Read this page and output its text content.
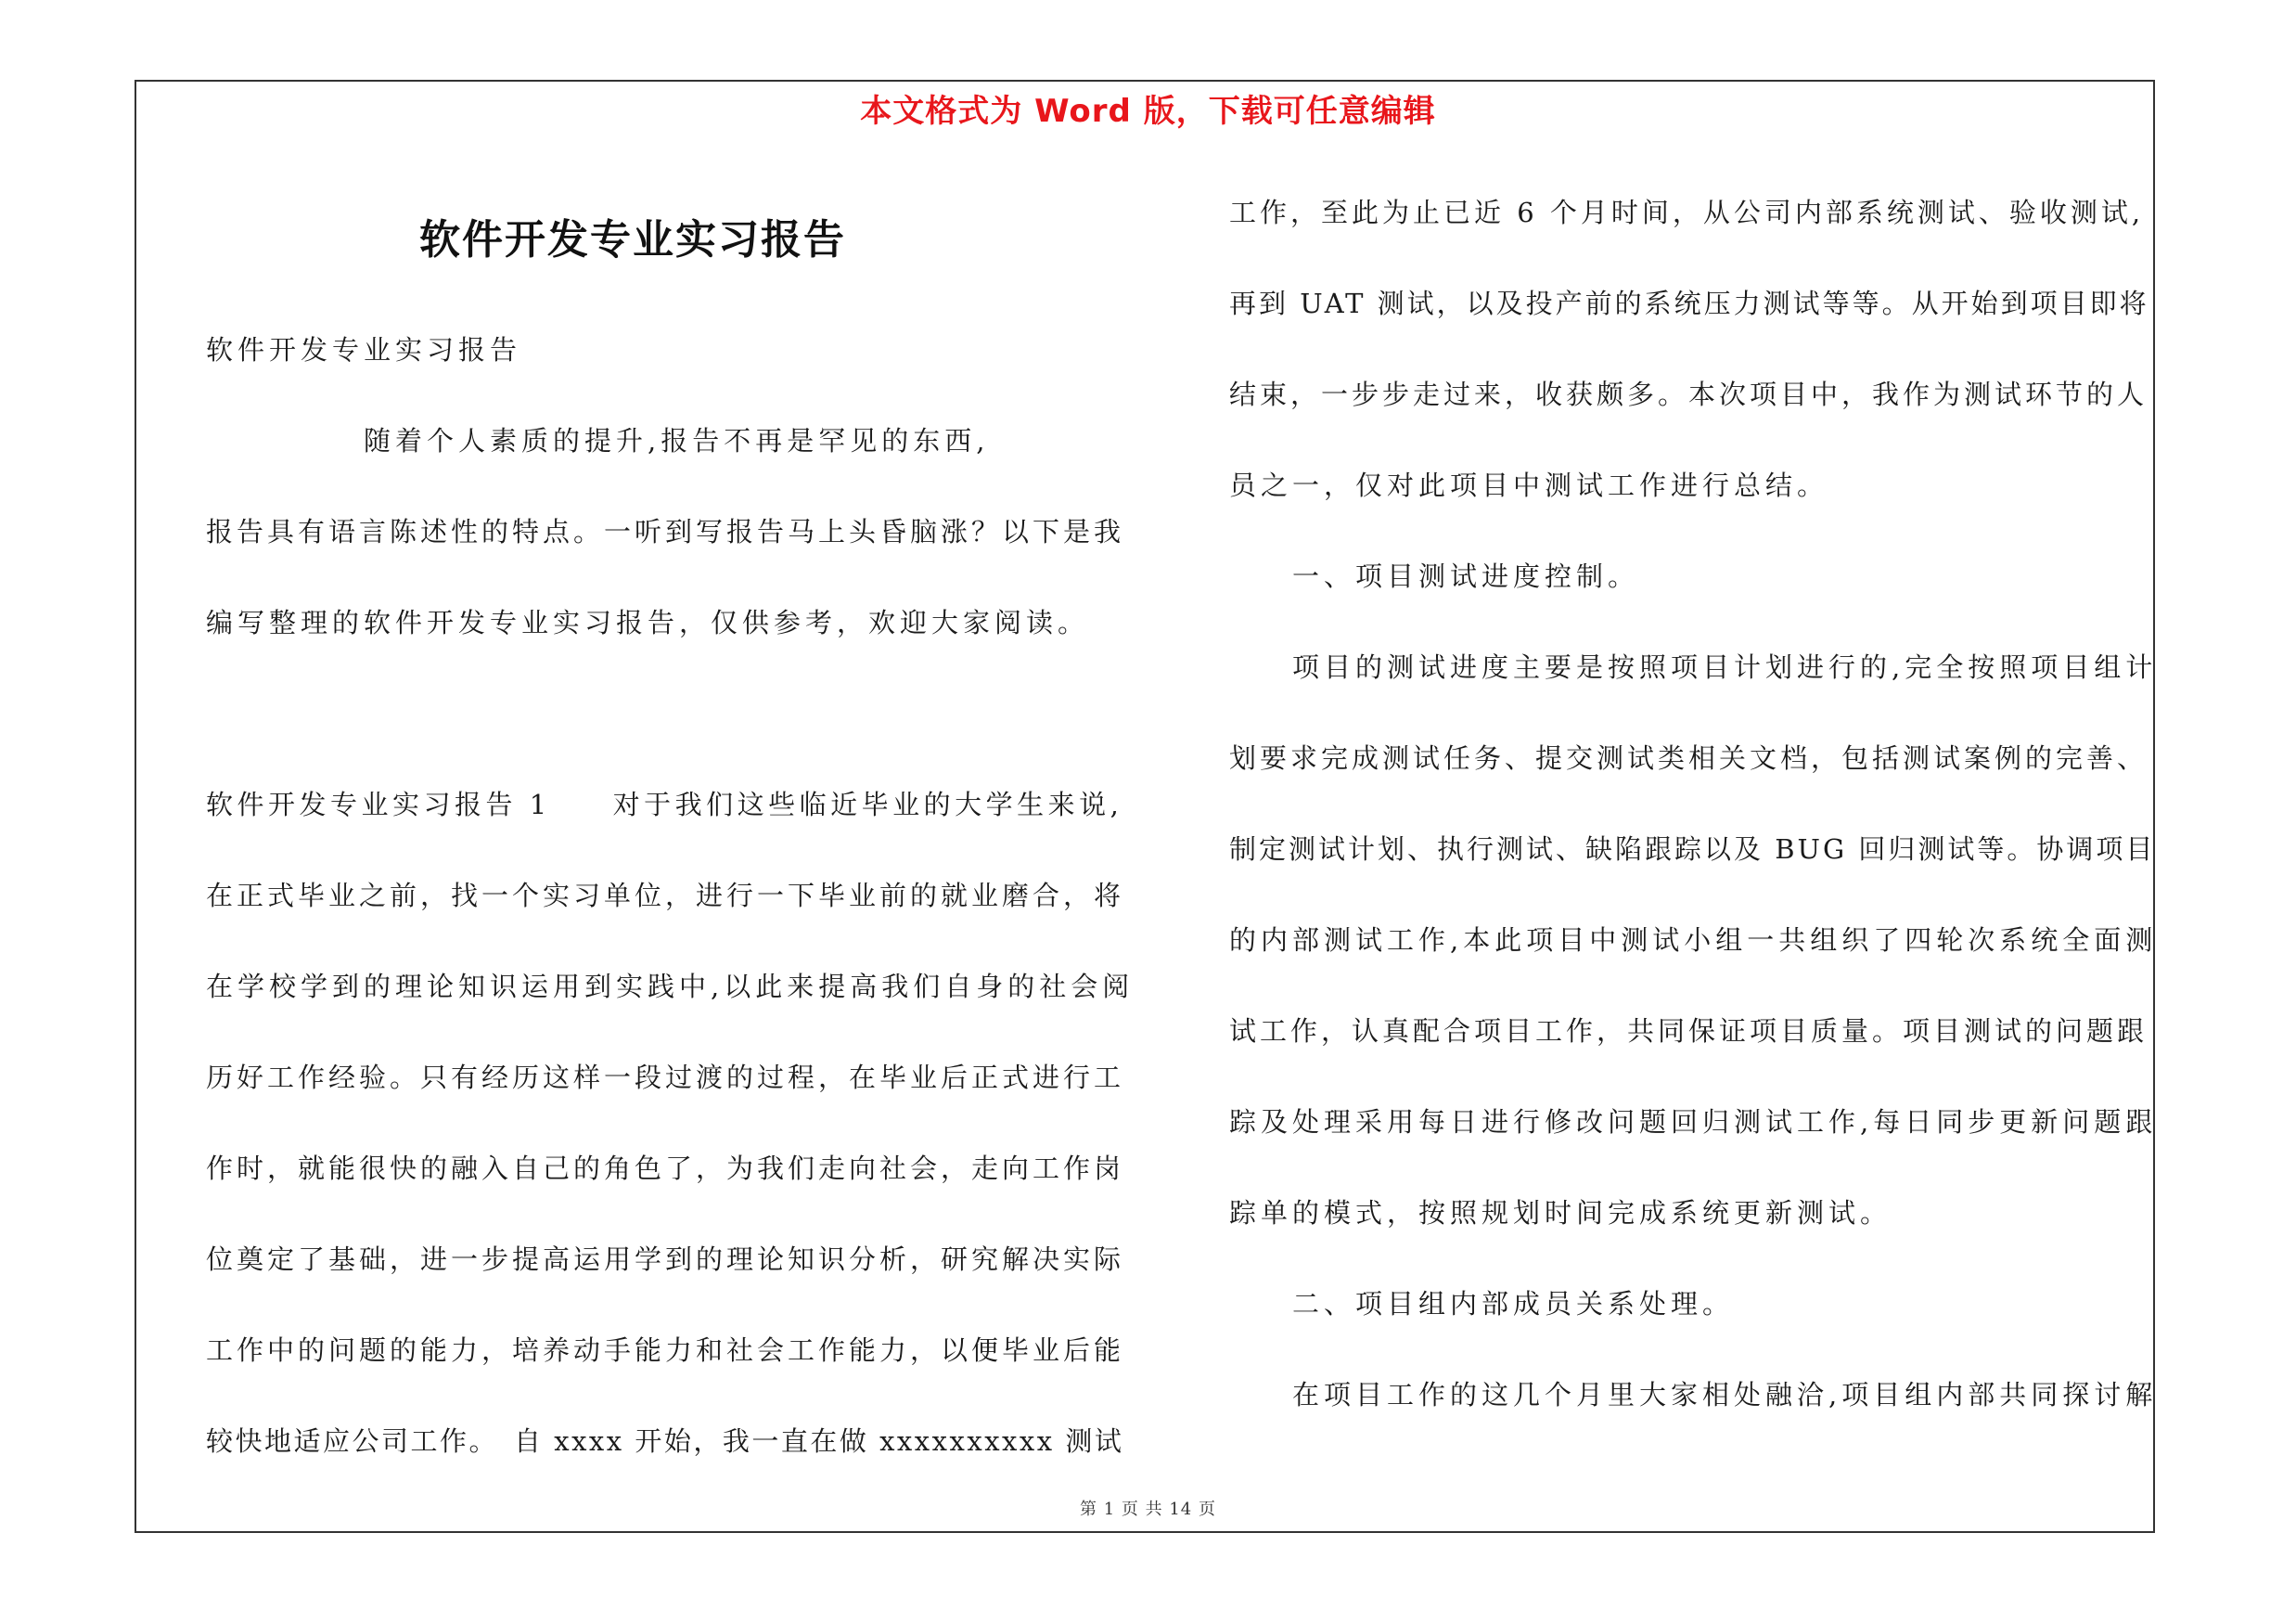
本文格式为 Word 版，下载可任意编辑
软件开发专业实习报告
软件开发专业实习报告
　　　　　随着个人素质的提升,报告不再是罕见的东西,
报告具有语言陈述性的特点。一听到写报告马上头昏脑涨？以下是我
编写整理的软件开发专业实习报告，仅供参考，欢迎大家阅读。
软件开发专业实习报告 1　　对于我们这些临近毕业的大学生来说,
在正式毕业之前，找一个实习单位，进行一下毕业前的就业磨合，将
在学校学到的理论知识运用到实践中,以此来提高我们自身的社会阅
历好工作经验。只有经历这样一段过渡的过程，在毕业后正式进行工
作时，就能很快的融入自己的角色了，为我们走向社会，走向工作岗
位奠定了基础，进一步提高运用学到的理论知识分析，研究解决实际
工作中的问题的能力，培养动手能力和社会工作能力，以便毕业后能
较快地适应公司工作。　自 xxxx 开始，我一直在做 xxxxxxxxxx 测试
工作，至此为止已近 6 个月时间，从公司内部系统测试、验收测试,
再到 UAT 测试，以及投产前的系统压力测试等等。从开始到项目即将
结束，一步步走过来，收获颇多。本次项目中，我作为测试环节的人
员之一，仅对此项目中测试工作进行总结。
　　一、项目测试进度控制。
　　项目的测试进度主要是按照项目计划进行的,完全按照项目组计
划要求完成测试任务、提交测试类相关文档，包括测试案例的完善、
制定测试计划、执行测试、缺陷跟踪以及 BUG 回归测试等。协调项目
的内部测试工作,本此项目中测试小组一共组织了四轮次系统全面测
试工作，认真配合项目工作，共同保证项目质量。项目测试的问题跟
踪及处理采用每日进行修改问题回归测试工作,每日同步更新问题跟
踪单的模式，按照规划时间完成系统更新测试。
　　二、项目组内部成员关系处理。
　　在项目工作的这几个月里大家相处融洽,项目组内部共同探讨解
第 1 页 共 14 页
